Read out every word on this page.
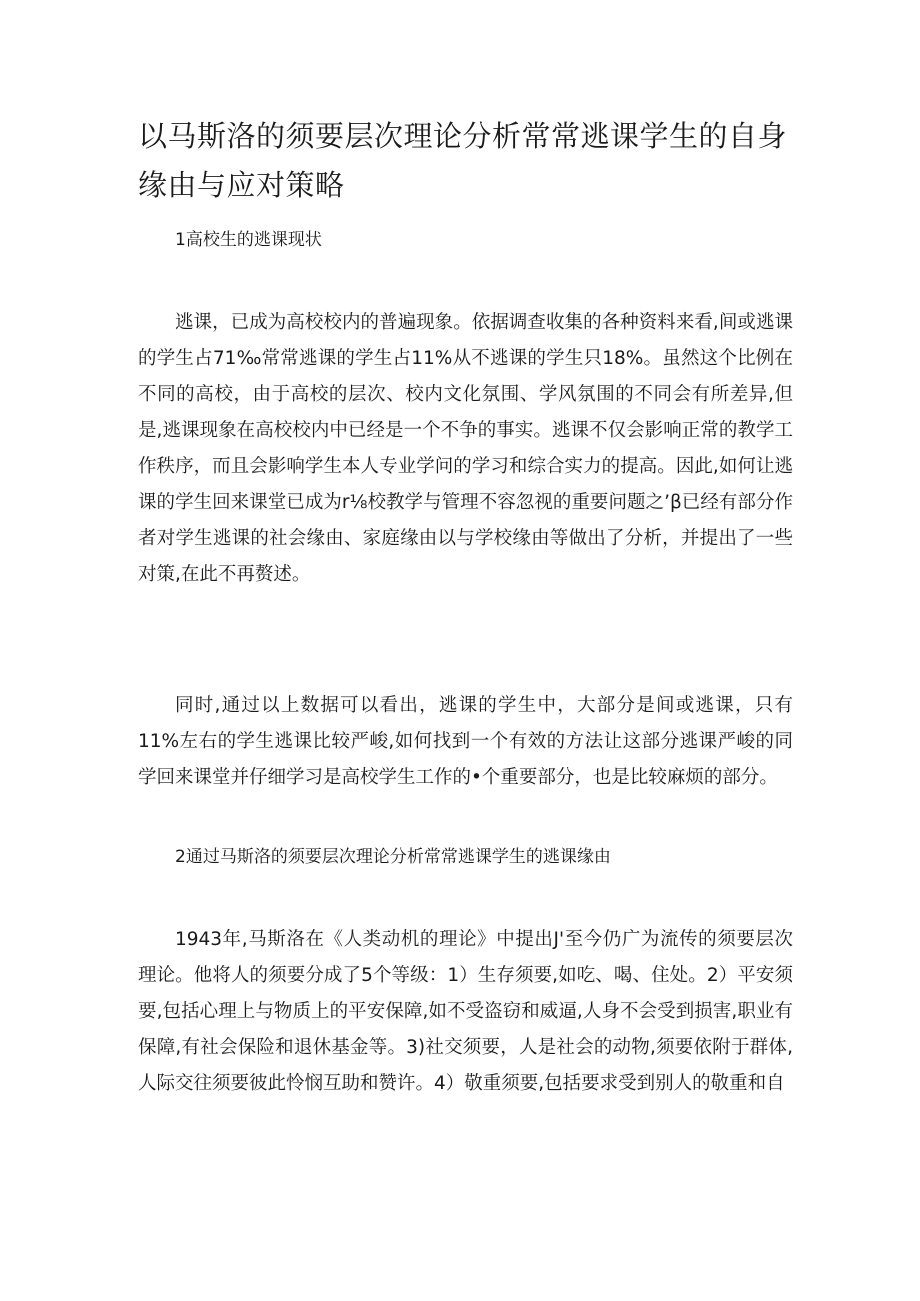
以马斯洛的须要层次理论分析常常逃课学生的自身缘由与应对策略
1高校生的逃课现状

逃课，已成为高校校内的普遍现象。依据调查收集的各种资料来看,间或逃课的学生占71‰常常逃课的学生占11%从不逃课的学生只18%。虽然这个比例在不同的高校，由于高校的层次、校内文化氛围、学风氛围的不同会有所差异,但是,逃课现象在高校校内中已经是一个不争的事实。逃课不仅会影响正常的教学工作秩序，而且会影响学生本人专业学问的学习和综合实力的提高。因此,如何让逃课的学生回来课堂已成为r⅛校教学与管理不容忽视的重要问题之’β已经有部分作者对学生逃课的社会缘由、家庭缘由以与学校缘由等做出了分析，并提出了一些对策,在此不再赘述。

同时,通过以上数据可以看出，逃课的学生中，大部分是间或逃课，只有11%左右的学生逃课比较严峻,如何找到一个有效的方法让这部分逃课严峻的同学回来课堂并仔细学习是高校学生工作的•个重要部分，也是比较麻烦的部分。

2通过马斯洛的须要层次理论分析常常逃课学生的逃课缘由

1943年,马斯洛在《人类动机的理论》中提出J'至今仍广为流传的须要层次理论。他将人的须要分成了5个等级：1）生存须要,如吃、喝、住处。2）平安须要,包括心理上与物质上的平安保障,如不受盗窃和威逼,人身不会受到损害,职业有保障,有社会保险和退休基金等。3)社交须要，人是社会的动物,须要依附于群体,人际交往须要彼此怜悯互助和赞许。4）敬重须要,包括要求受到别人的敬重和自
